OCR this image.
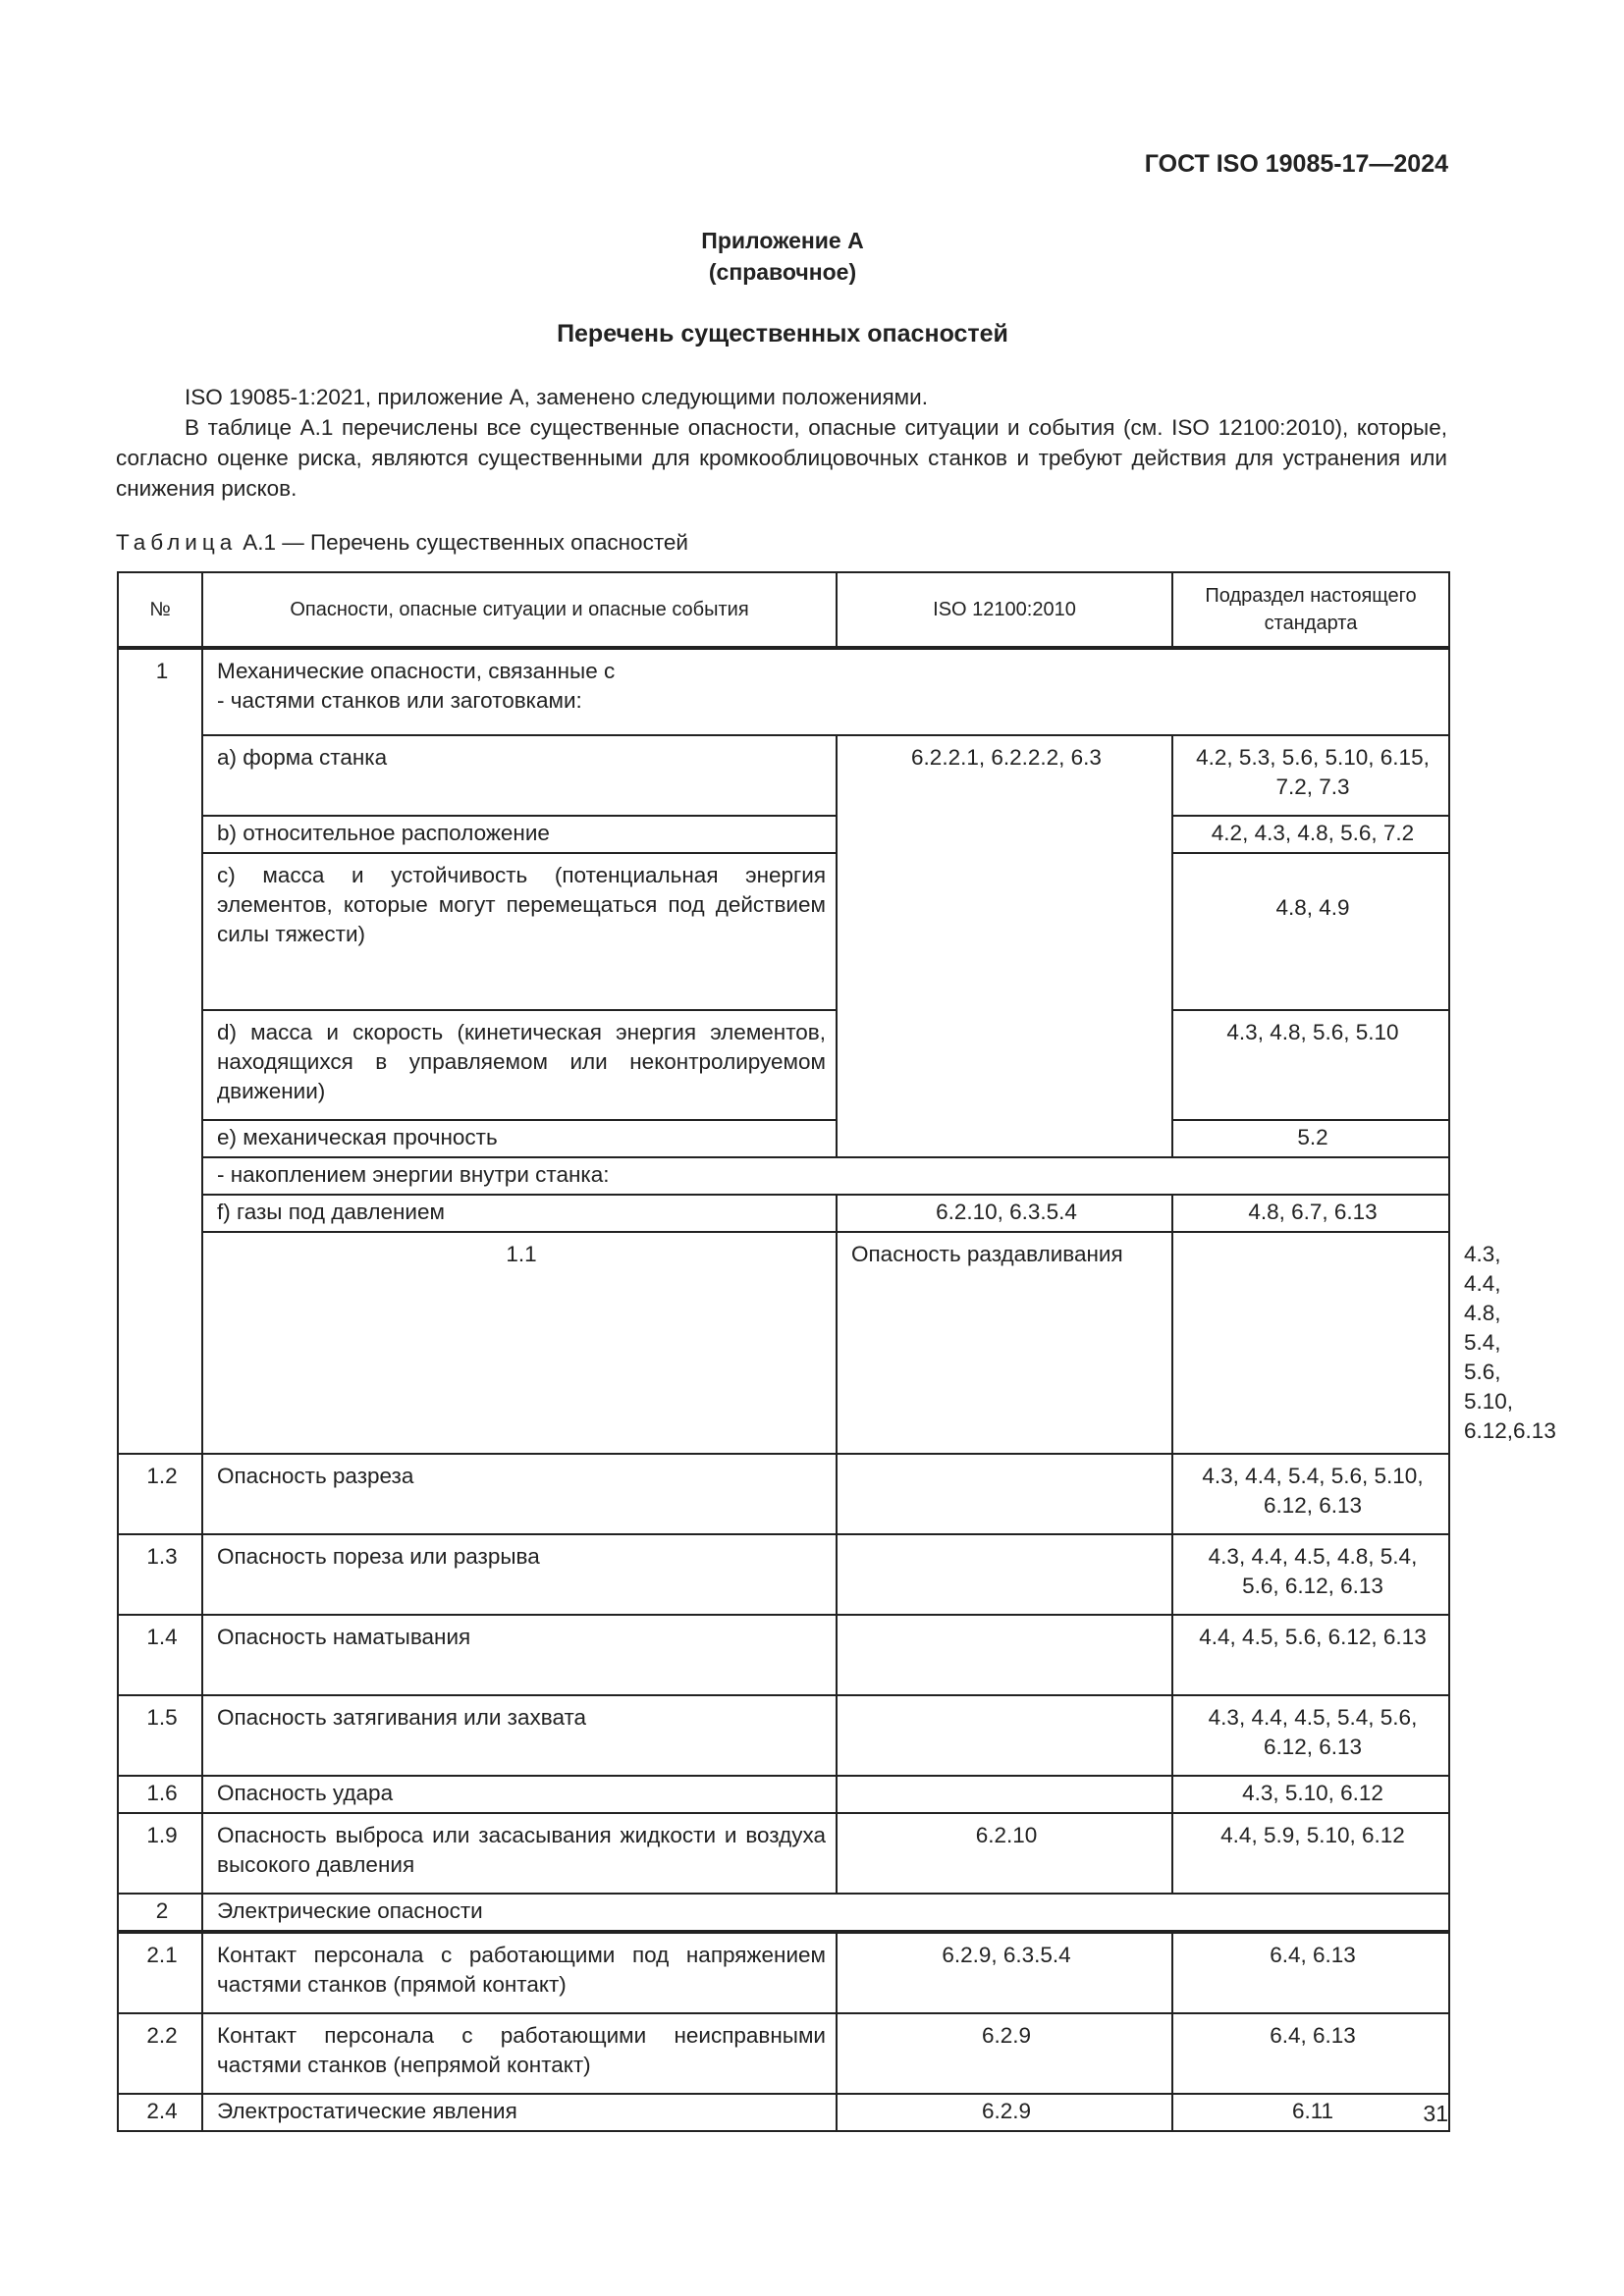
ГОСТ ISO 19085-17—2024
Приложение А
(справочное)
Перечень существенных опасностей

ISO 19085-1:2021, приложение А, заменено следующими положениями.

В таблице А.1 перечислены все существенные опасности, опасные ситуации и события (см. ISO 12100:2010), которые, согласно оценке риска, являются существенными для кромкооблицовочных станков и требуют действия для устранения или снижения рисков.

Таблица А.1 — Перечень существенных опасностей
№	Опасности, опасные ситуации и опасные события	ISO 12100:2010	Подраздел настоящего стандарта	
1	Механические опасности, связанные с
- частями станков или заготовками:			

	a) форма станка	6.2.2.1, 6.2.2.2, 6.3	4.2, 5.3, 5.6, 5.10, 6.15, 7.2, 7.3	
	b) относительное расположение		4.2, 4.3, 4.8, 5.6, 7.2	
	c) масса и устойчивость (потенциальная энергия элементов, которые могут перемещаться под действием силы тяжести)		4.8, 4.9	
	d) масса и скорость (кинетическая энергия элементов, находящихся в управляемом или неконтролируемом движении)		4.3, 4.8, 5.6, 5.10	
	e) механическая прочность		5.2	
	- накоплением энергии внутри станка:			
	f) газы под давлением	6.2.10, 6.3.5.4	4.8, 6.7, 6.13	
	1.1	Опасность раздавливания		4.3, 4.4, 4.8, 5.4, 5.6, 5.10, 6.12,6.13
1.2	Опасность разреза		4.3, 4.4, 5.4, 5.6, 5.10, 6.12, 6.13	
1.3	Опасность пореза или разрыва		4.3, 4.4, 4.5, 4.8, 5.4, 5.6, 6.12, 6.13	
1.4	Опасность наматывания		4.4, 4.5, 5.6, 6.12, 6.13	
1.5	Опасность затягивания или захвата		4.3, 4.4, 4.5, 5.4, 5.6, 6.12, 6.13	
1.6	Опасность удара		4.3, 5.10, 6.12	
1.9	Опасность выброса или засасывания жидкости и воздуха высокого давления	6.2.10	4.4, 5.9, 5.10, 6.12	
2	Электрические опасности			
2.1	Контакт персонала с работающими под напряжением частями станков (прямой контакт)	6.2.9, 6.3.5.4	6.4, 6.13	
2.2	Контакт персонала с работающими неисправными частями станков (непрямой контакт)	6.2.9	6.4, 6.13	
2.4	Электростатические явления	6.2.9	6.11		31
